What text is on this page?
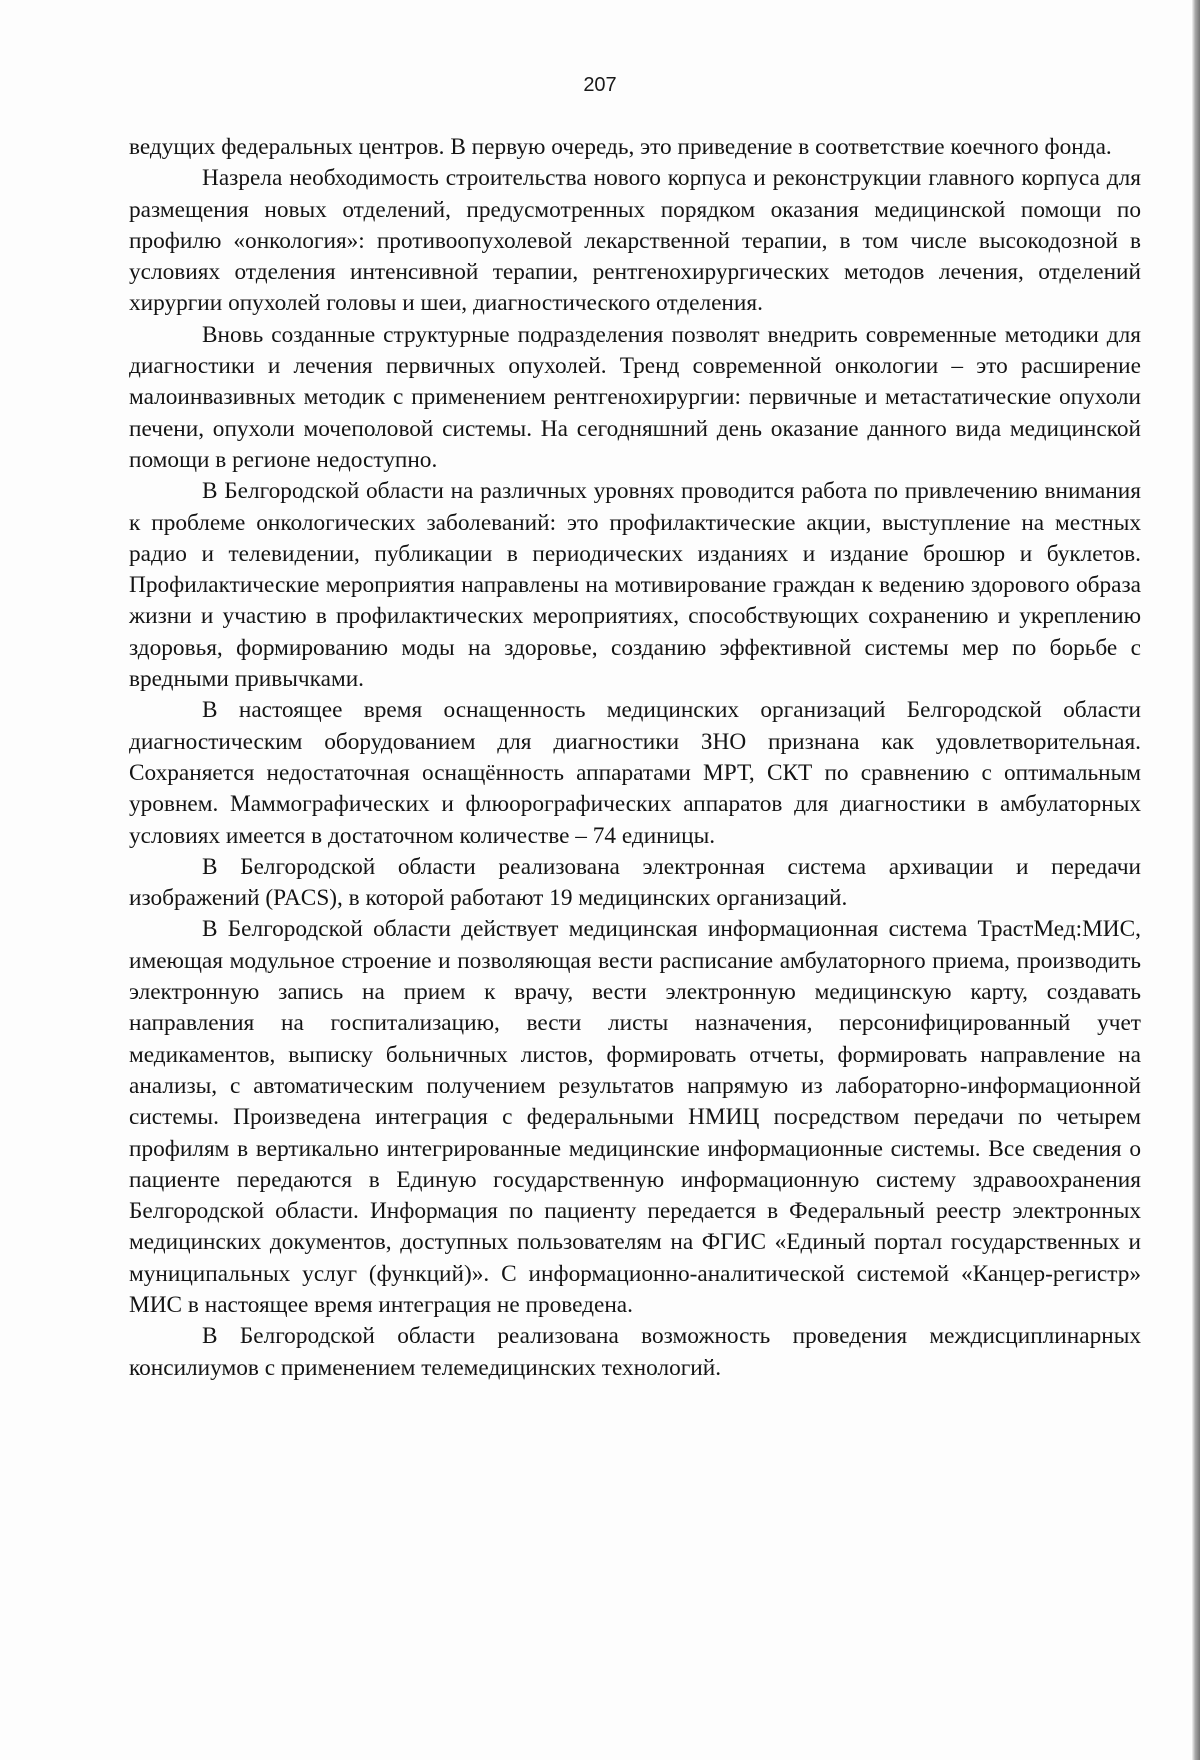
207

ведущих федеральных центров. В первую очередь, это приведение в соответствие коечного фонда.

Назрела необходимость строительства нового корпуса и реконструкции главного корпуса для размещения новых отделений, предусмотренных порядком оказания медицинской помощи по профилю «онкология»: противоопухолевой лекарственной терапии, в том числе высокодозной в условиях отделения интенсивной терапии, рентгенохирургических методов лечения, отделений хирургии опухолей головы и шеи, диагностического отделения.

Вновь созданные структурные подразделения позволят внедрить современные методики для диагностики и лечения первичных опухолей. Тренд современной онкологии – это расширение малоинвазивных методик с применением рентгенохирургии: первичные и метастатические опухоли печени, опухоли мочеполовой системы. На сегодняшний день оказание данного вида медицинской помощи в регионе недоступно.

В Белгородской области на различных уровнях проводится работа по привлечению внимания к проблеме онкологических заболеваний: это профилактические акции, выступление на местных радио и телевидении, публикации в периодических изданиях и издание брошюр и буклетов. Профилактические мероприятия направлены на мотивирование граждан к ведению здорового образа жизни и участию в профилактических мероприятиях, способствующих сохранению и укреплению здоровья, формированию моды на здоровье, созданию эффективной системы мер по борьбе с вредными привычками.

В настоящее время оснащенность медицинских организаций Белгородской области диагностическим оборудованием для диагностики ЗНО признана как удовлетворительная. Сохраняется недостаточная оснащённость аппаратами МРТ, СКТ по сравнению с оптимальным уровнем. Маммографических и флюорографических аппаратов для диагностики в амбулаторных условиях имеется в достаточном количестве – 74 единицы.

В Белгородской области реализована электронная система архивации и передачи изображений (PACS), в которой работают 19 медицинских организаций.

В Белгородской области действует медицинская информационная система ТрастМед:МИС, имеющая модульное строение и позволяющая вести расписание амбулаторного приема, производить электронную запись на прием к врачу, вести электронную медицинскую карту, создавать направления на госпитализацию, вести листы назначения, персонифицированный учет медикаментов, выписку больничных листов, формировать отчеты, формировать направление на анализы, с автоматическим получением результатов напрямую из лабораторно-информационной системы. Произведена интеграция с федеральными НМИЦ посредством передачи по четырем профилям в вертикально интегрированные медицинские информационные системы. Все сведения о пациенте передаются в Единую государственную информационную систему здравоохранения Белгородской области. Информация по пациенту передается в Федеральный реестр электронных медицинских документов, доступных пользователям на ФГИС «Единый портал государственных и муниципальных услуг (функций)». С информационно-аналитической системой «Канцер-регистр» МИС в настоящее время интеграция не проведена.

В Белгородской области реализована возможность проведения междисциплинарных консилиумов с применением телемедицинских технологий.
